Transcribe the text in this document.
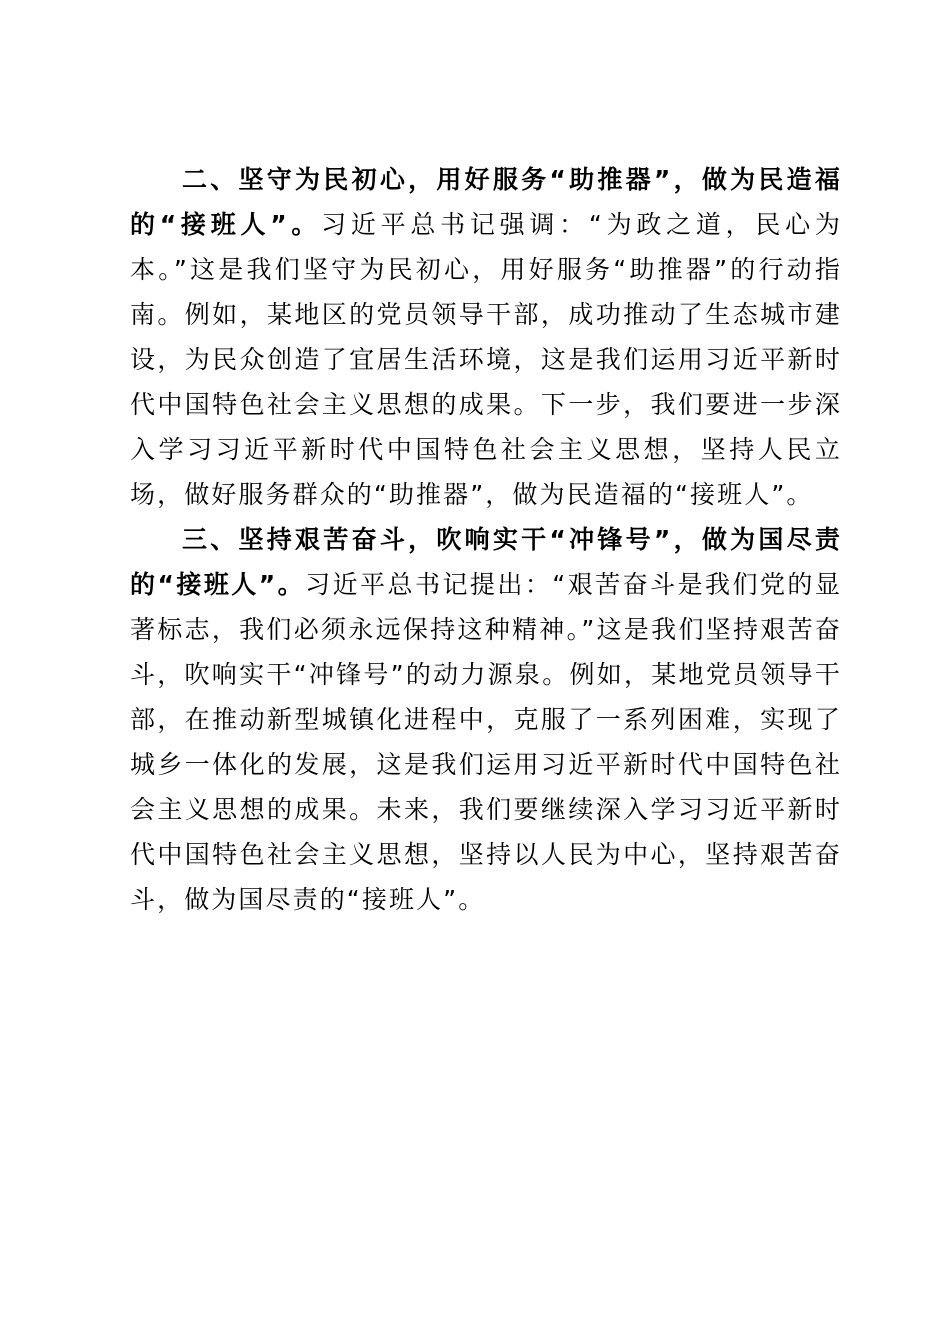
二、坚守为民初心，用好服务“助推器”，做为民造福的“接班人”。习近平总书记强调：“为政之道，民心为本。”这是我们坚守为民初心，用好服务“助推器”的行动指南。例如，某地区的党员领导干部，成功推动了生态城市建设，为民众创造了宜居生活环境，这是我们运用习近平新时代中国特色社会主义思想的成果。下一步，我们要进一步深入学习习近平新时代中国特色社会主义思想，坚持人民立场，做好服务群众的“助推器”，做为民造福的“接班人”。

三、坚持艰苦奋斗，吹响实干“冲锋号”，做为国尽责的“接班人”。习近平总书记提出：“艰苦奋斗是我们党的显著标志，我们必须永远保持这种精神。”这是我们坚持艰苦奋斗，吹响实干“冲锋号”的动力源泉。例如，某地党员领导干部，在推动新型城镇化进程中，克服了一系列困难，实现了城乡一体化的发展，这是我们运用习近平新时代中国特色社会主义思想的成果。未来，我们要继续深入学习习近平新时代中国特色社会主义思想，坚持以人民为中心，坚持艰苦奋斗，做为国尽责的“接班人”。
